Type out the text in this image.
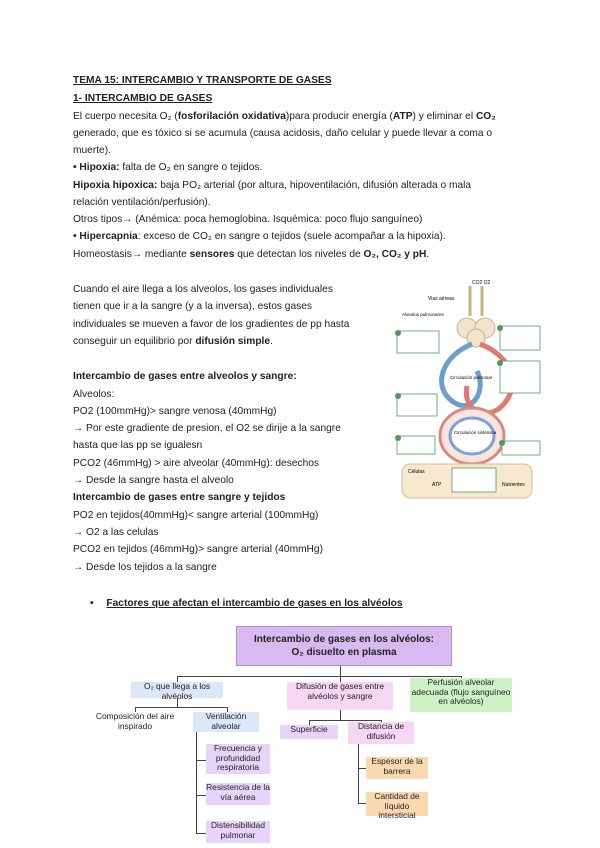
TEMA 15: INTERCAMBIO Y TRANSPORTE DE GASES
1- INTERCAMBIO DE GASES
El cuerpo necesita O₂ (fosforilación oxidativa)para producir energía (ATP) y eliminar el CO₂
generado, que es tóxico si se acumula (causa acidosis, daño celular y puede llevar a coma o
muerte).
• Hipoxia: falta de O₂ en sangre o tejidos.
Hipoxia hipoxica: baja PO₂ arterial (por altura, hipoventilación, difusión alterada o mala
relación ventilación/perfusión).
Otros tipos→ (Anémica: poca hemoglobina. Isquémica: poco flujo sanguíneo)
• Hipercapnia: exceso de CO₂ en sangre o tejidos (suele acompañar a la hipoxia).
Homeostasis→ mediante sensores que detectan los niveles de O₂, CO₂ y pH.
Cuando el aire llega a los alveolos, los gases individuales
tienen que ir a la sangre (y a la inversa), estos gases
individuales se mueven a favor de los gradientes de pp hasta
conseguir un equilibrio por difusión simple.
Intercambio de gases entre alveolos y sangre:
Alveolos:
PO2 (100mmHg)> sangre venosa (40mmHg)
→ Por este gradiente de presion, el O2 se dirije a la sangre
hasta que las pp se igualesn
PCO2 (46mmHg) > aire alveolar (40mmHg): desechos
→ Desde la sangre hasta el alveolo
Intercambio de gases entre sangre y tejidos
PO2 en tejidos(40mmHg)< sangre arterial (100mmHg)
→ O2 a las celulas
PCO2 en tejidos (46mmHg)> sangre arterial (40mmHg)
→ Desde los tejidos a la sangre
CO2 O2
Vias aéreas
Alveolos pulmonares
Circulación pulmonar
Circulación sistémica
Células
ATP	Nutrientes
• Factores que afectan el intercambio de gases en los alvéolos
Intercambio de gases en los alvéolos:
O₂ disuelto en plasma
O₂ que llega a los alvéolos
Difusión de gases entre alvéolos y sangre
Perfusión alveolar adecuada (flujo sanguíneo en alvéolos)
Composición del aire inspirado
Ventilación alveolar
Frecuencia y profundidad respiratoria
Resistencia de la vía aérea
Distensibilidad pulmonar
Superficie	Distancia de difusión
Espesor de la barrera
Cantidad de líquido intersticial
